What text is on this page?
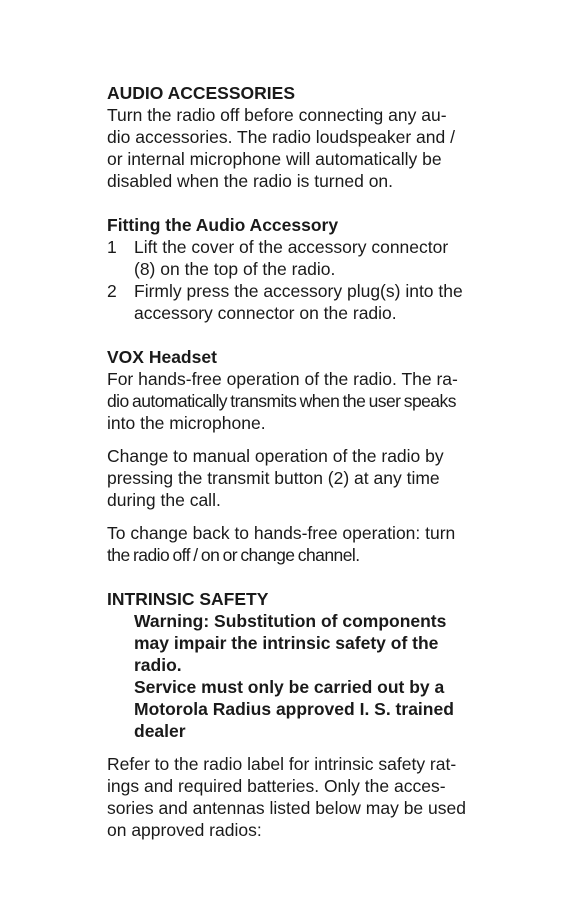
AUDIO ACCESSORIES
Turn the radio off before connecting any au-
dio accessories. The radio loudspeaker and /
or internal microphone will automatically be
disabled when the radio is turned on.
Fitting the Audio Accessory
1 Lift the cover of the accessory connector
(8) on the top of the radio.
2 Firmly press the accessory plug(s) into the
accessory connector on the radio.
VOX Headset
For hands-free operation of the radio. The ra-
dio automatically transmits when the user speaks
into the microphone.
Change to manual operation of the radio by
pressing the transmit button (2) at any time
during the call.
To change back to hands-free operation: turn
the radio off / on or change channel.
INTRINSIC SAFETY
Warning: Substitution of components
may impair the intrinsic safety of the
radio.
Service must only be carried out by a
Motorola Radius approved I. S. trained
dealer
Refer to the radio label for intrinsic safety rat-
ings and required batteries. Only the acces-
sories and antennas listed below may be used
on approved radios:
